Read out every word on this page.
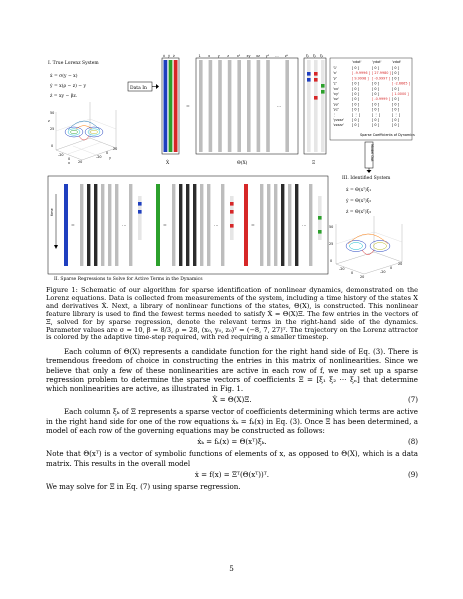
I. True Lorenz System
ẋ = σ(y − x)
ẏ = x(ρ − z) − y
ż = xy − βz.
50
25
0
-20
0
20
-20
0
20
z
x
y
Data In
ẋ ẏ ż
Ẋ
=
Θ(X)
1 x y z x² xy xz y²
⋯
… z⁵
Ξ
ξ₁ ξ₂ ξ₃
Sparse Coefficients of Dynamics
'xdot'	'ydot'	'zdot'
'1'	[ 0 ]	[ 0 ]	[ 0 ]
'x'	[ -9.9996 ] [ 27.9980 ] [ 0 ]
'y'	[ 9.9998 ] [ -0.9997 ] [ 0 ]
'z'	[ 0 ]	[ 0 ]	[ -2.6665 ]
'xx'	[ 0 ]	[ 0 ]	[ 0 ]
'xy'	[ 0 ]	[ 0 ]	[ 1.0000 ]
'xz'	[ 0 ]	[ -0.9999 ] [ 0 ]
'yy'	[ 0 ]	[ 0 ]	[ 0 ]
'yz'	[ 0 ]	[ 0 ]	[ 0 ]
⋮	[ ⋮ ]	[ ⋮ ]	[ ⋮ ]
'yzzzz' [ 0 ]	[ 0 ]	[ 0 ]
'zzzzz' [ 0 ]	[ 0 ]	[ 0 ]
Model Out
III. Identified System
ẋ = Θ(xᵀ)ξ₁
ẏ = Θ(xᵀ)ξ₂
ż = Θ(xᵀ)ξ₃
50
25
0
-20
0
20
-20
0
20
II. Sparse Regressions to Solve for Active Terms in the Dynamics
time
=	⋯	=	⋯	=	⋯
Figure 1: Schematic of our algorithm for sparse identification of nonlinear dynamics, demonstrated on the Lorenz equations. Data is collected from measurements of the system, including a time history of the states X and derivatives Ẋ. Next, a library of nonlinear functions of the states, Θ(X), is constructed. This nonlinear feature library is used to find the fewest terms needed to satisfy Ẋ = Θ(X)Ξ. The few entries in the vectors of Ξ, solved for by sparse regression, denote the relevant terms in the right-hand side of the dynamics. Parameter values are σ = 10, β = 8/3, ρ = 28, (x₀, y₀, z₀)ᵀ = (−8, 7, 27)ᵀ. The trajectory on the Lorenz attractor is colored by the adaptive time-step required, with red requiring a smaller timestep.

Each column of Θ(X) represents a candidate function for the right hand side of Eq. (3). There is tremendous freedom of choice in constructing the entries in this matrix of nonlinearities. Since we believe that only a few of these nonlinearities are active in each row of f, we may set up a sparse regression problem to determine the sparse vectors of coefficients Ξ = [ξ₁ ξ₂ ⋯ ξₙ] that determine which nonlinearities are active, as illustrated in Fig. 1.

Ẋ = Θ(X)Ξ.	(7)

Each column ξₖ of Ξ represents a sparse vector of coefficients determining which terms are active in the right hand side for one of the row equations ẋₖ = fₖ(x) in Eq. (3). Once Ξ has been determined, a model of each row of the governing equations may be constructed as follows:

ẋₖ = fₖ(x) = Θ(xᵀ)ξₖ.	(8)

Note that Θ(xᵀ) is a vector of symbolic functions of elements of x, as opposed to Θ(X), which is a data matrix. This results in the overall model

ẋ = f(x) = Ξᵀ(Θ(xᵀ))ᵀ.	(9)

We may solve for Ξ in Eq. (7) using sparse regression.

5
